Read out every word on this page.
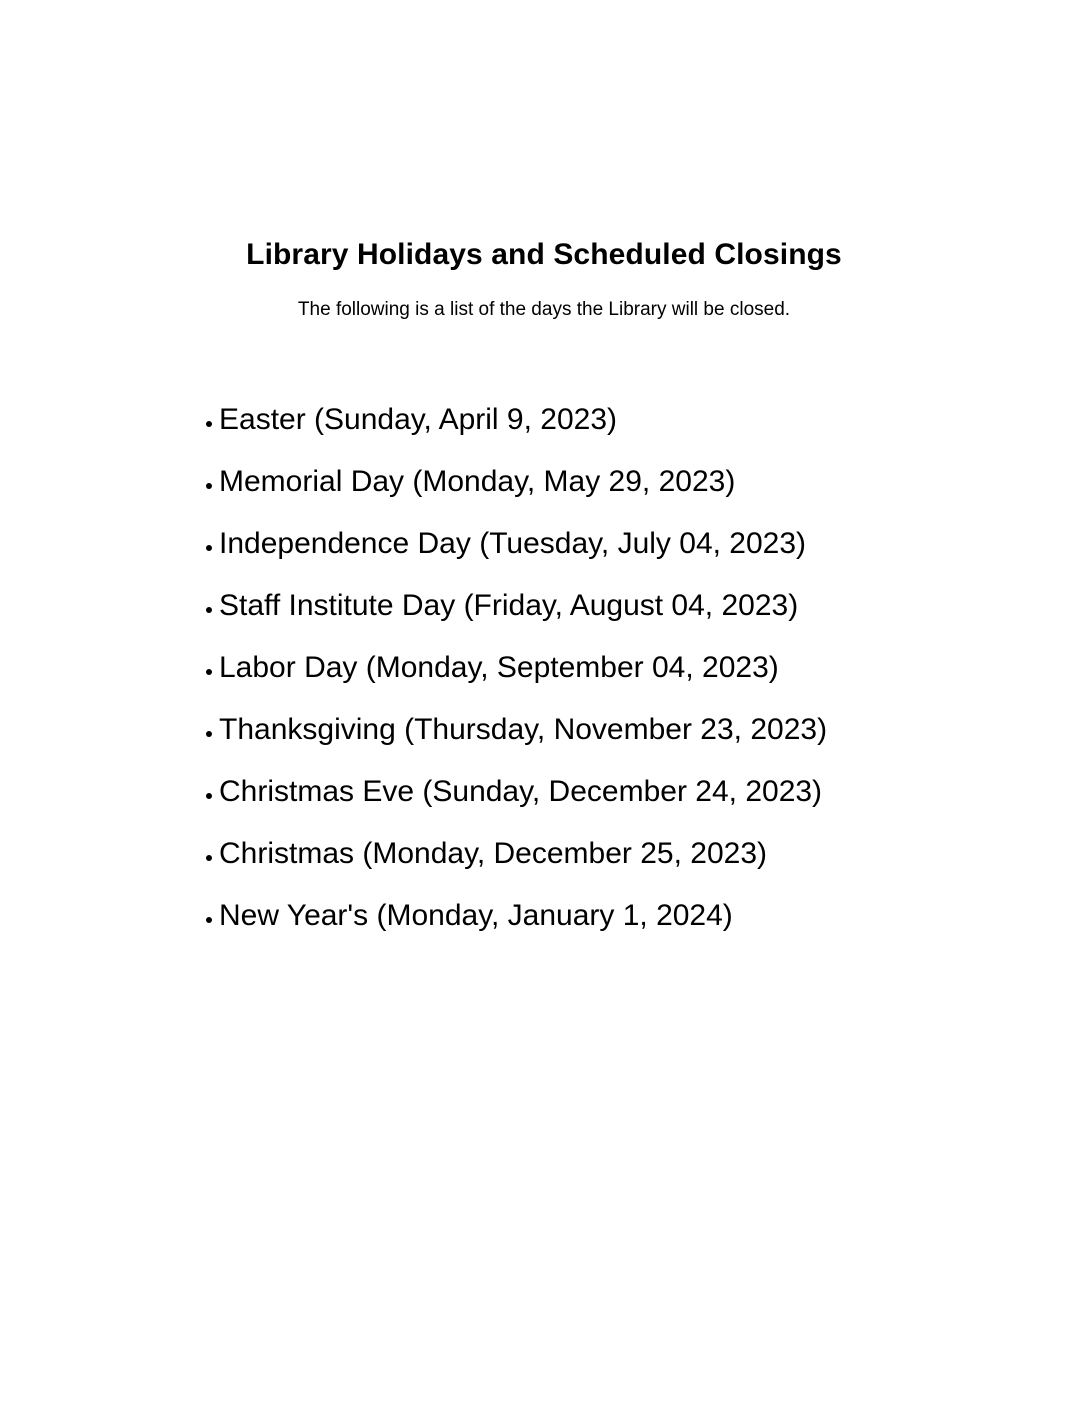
Library Holidays and Scheduled Closings

The following is a list of the days the Library will be closed.

Easter (Sunday, April 9, 2023)
Memorial Day (Monday, May 29, 2023)
Independence Day (Tuesday, July 04, 2023)
Staff Institute Day (Friday, August 04, 2023)
Labor Day (Monday, September 04, 2023)
Thanksgiving (Thursday, November 23, 2023)
Christmas Eve (Sunday, December 24, 2023)
Christmas (Monday, December 25, 2023)
New Year's (Monday, January 1, 2024)
